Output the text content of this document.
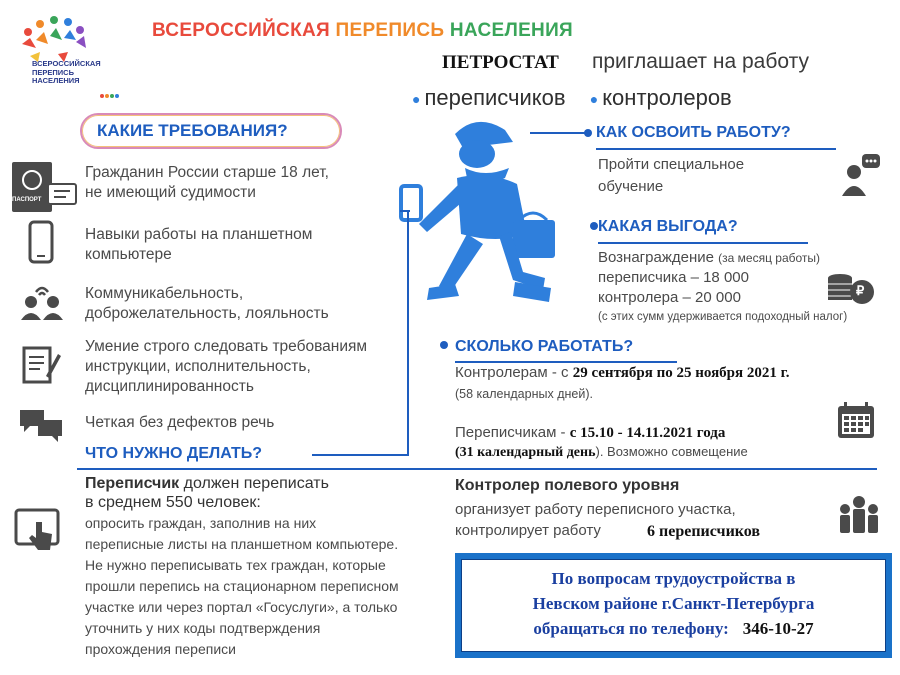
ВСЕРОССИЙСКАЯ
ПЕРЕПИСЬ
НАСЕЛЕНИЯ
ВСЕРОССИЙСКАЯ ПЕРЕПИСЬ НАСЕЛЕНИЯ
ПЕТРОСТАТ приглашает на работу
● переписчиков ● контролеров
КАКИЕ ТРЕБОВАНИЯ?
ПАСПОРТ
Гражданин России старше 18 лет,
не имеющий судимости
Навыки работы на планшетном
компьютере
Коммуникабельность,
доброжелательность, лояльность
Умение строго следовать требованиям
инструкции, исполнительность,
дисциплинированность
Четкая без дефектов речь
ЧТО НУЖНО ДЕЛАТЬ?
Переписчик должен переписать
в среднем 550 человек:
опросить граждан, заполнив на них
переписные листы на планшетном компьютере.
Не нужно переписывать тех граждан, которые
прошли перепись на стационарном переписном
участке или через портал «Госуслуги», а только
уточнить у них коды подтверждения
прохождения переписи
КАК ОСВОИТЬ РАБОТУ?
Пройти специальное
обучение
КАКАЯ ВЫГОДА?
Вознаграждение (за месяц работы)
переписчика – 18 000
контролера – 20 000
(с этих сумм удерживается подоходный налог)
₽
СКОЛЬКО РАБОТАТЬ?
Контролерам - с 29 сентября по 25 ноября 2021 г.
(58 календарных дней).
Переписчикам - с 15.10 - 14.11.2021 года
(31 календарный день). Возможно совмещение
Контролер полевого уровня
организует работу переписного участка,
контролирует работу	6 переписчиков
По вопросам трудоустройства в
Невском районе г.Санкт-Петербурга
обращаться по телефону: 346-10-27
